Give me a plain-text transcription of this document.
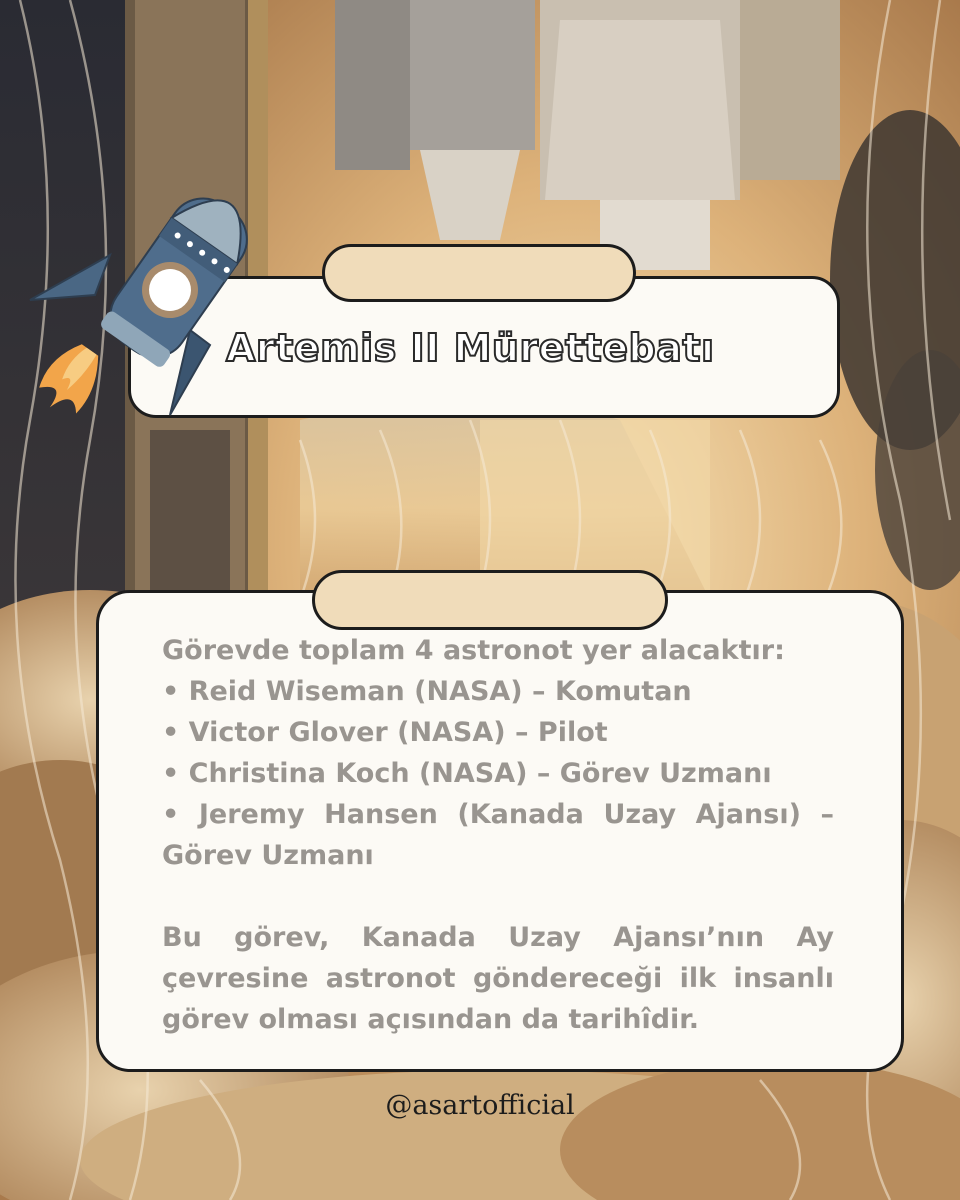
Artemis II Mürettebatı
Görevde toplam 4 astronot yer alacaktır:
• Reid Wiseman (NASA) – Komutan
• Victor Glover (NASA) – Pilot
• Christina Koch (NASA) – Görev Uzmanı
• Jeremy Hansen (Kanada Uzay Ajansı) –
Görev Uzmanı
Bu görev, Kanada Uzay Ajansı’nın Ay
çevresine astronot göndereceği ilk insanlı
görev olması açısından da tarihîdir.
@asartofficial
